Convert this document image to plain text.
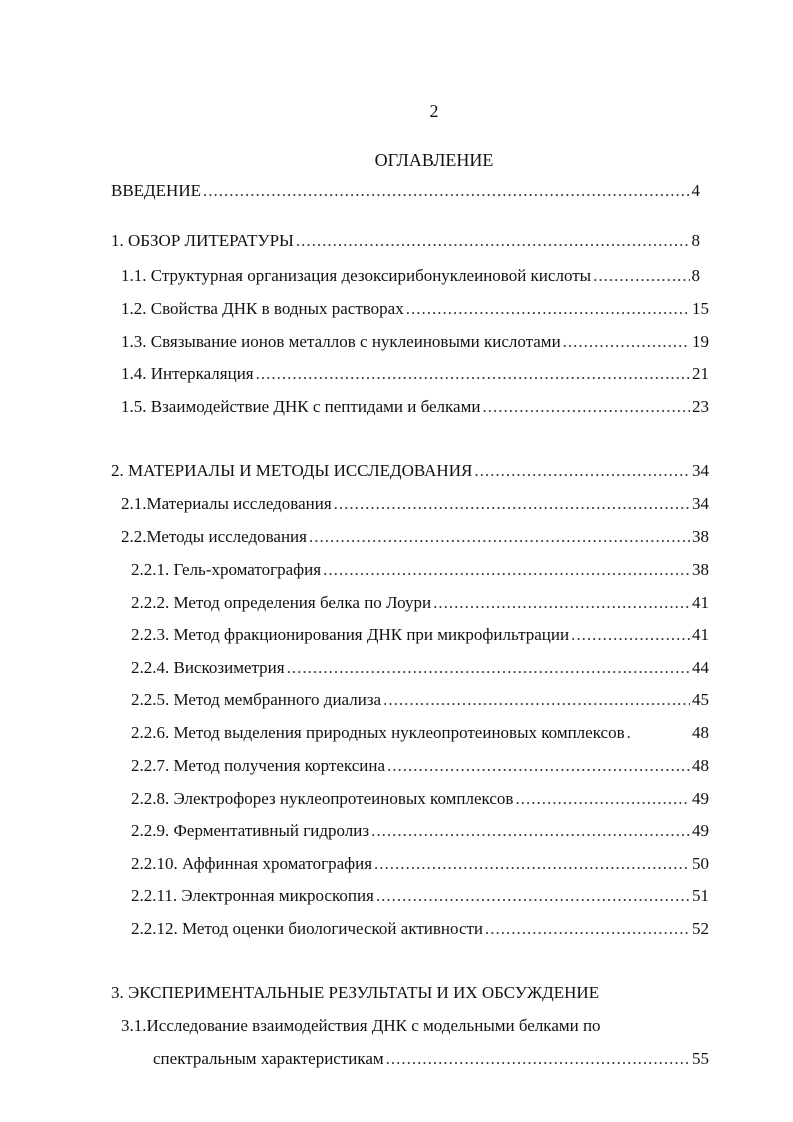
2
ОГЛАВЛЕНИЕ
ВВЕДЕНИЕ .....	4
1. ОБЗОР ЛИТЕРАТУРЫ .....	8
1.1. Структурная организация дезоксирибонуклеиновой кислоты .....	8
1.2. Свойства ДНК в водных растворах .....	15
1.3. Связывание ионов металлов с нуклеиновыми кислотами .....	19
1.4. Интеркаляция .....	21
1.5. Взаимодействие ДНК с пептидами и белками .....	23
2. МАТЕРИАЛЫ И МЕТОДЫ ИССЛЕДОВАНИЯ .....	34
2.1.Материалы исследования .....	34
2.2.Методы исследования .....	38
2.2.1. Гель-хроматография .....	38
2.2.2. Метод определения белка по Лоури .....	41
2.2.3. Метод фракционирования ДНК при микрофильтрации .....	41
2.2.4. Вискозиметрия .....	44
2.2.5. Метод мембранного диализа .....	45
2.2.6. Метод выделения природных нуклеопротеиновых комплексов .....	48
2.2.7. Метод получения кортексина .....	48
2.2.8. Электрофорез нуклеопротеиновых комплексов .....	49
2.2.9. Ферментативный гидролиз .....	49
2.2.10. Аффинная хроматография .....	50
2.2.11. Электронная микроскопия .....	51
2.2.12. Метод оценки биологической активности .....	52
3. ЭКСПЕРИМЕНТАЛЬНЫЕ РЕЗУЛЬТАТЫ И ИХ ОБСУЖДЕНИЕ
3.1.Исследование взаимодействия ДНК с модельными белками по
спектральным характеристикам .....	55
